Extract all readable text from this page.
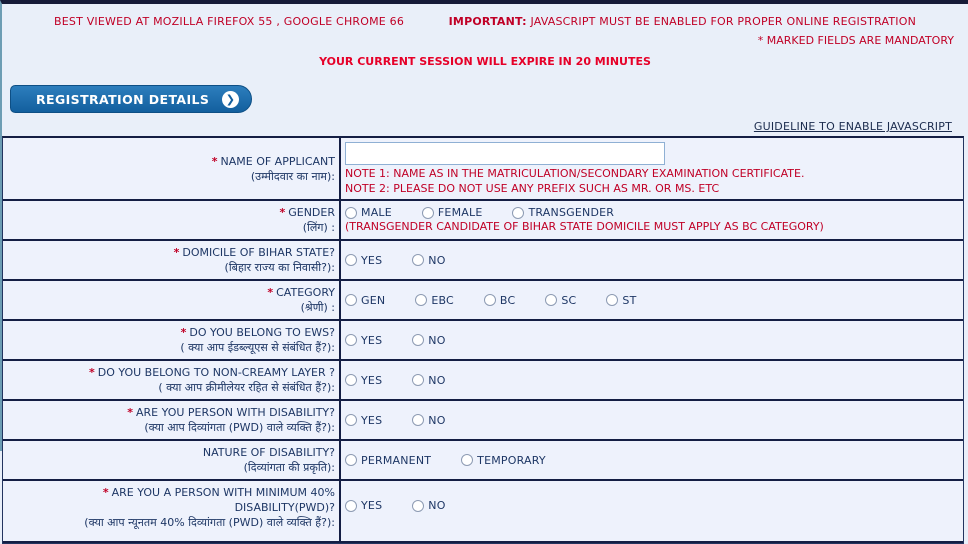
BEST VIEWED AT MOZILLA FIREFOX 55 , GOOGLE CHROME 66	IMPORTANT: JAVASCRIPT MUST BE ENABLED FOR PROPER ONLINE REGISTRATION
* MARKED FIELDS ARE MANDATORY
YOUR CURRENT SESSION WILL EXPIRE IN 20 MINUTES
REGISTRATION DETAILS	❯
GUIDELINE TO ENABLE JAVASCRIPT
* NAME OF APPLICANT
(उम्मीदवार का नाम): NOTE 1: NAME AS IN THE MATRICULATION/SECONDARY EXAMINATION CERTIFICATE.
NOTE 2: PLEASE DO NOT USE ANY PREFIX SUCH AS MR. OR MS. ETC
* GENDER
(लिंग) :
MALE	FEMALE	TRANSGENDER
(TRANSGENDER CANDIDATE OF BIHAR STATE DOMICILE MUST APPLY AS BC CATEGORY)
* DOMICILE OF BIHAR STATE?
(बिहार राज्य का निवासी?):
YES	NO
* CATEGORY
(श्रेणी) :
GEN	EBC	BC	SC	ST
* DO YOU BELONG TO EWS?
( क्या आप ईडब्ल्यूएस से संबंधित हैं?):
YES	NO
* DO YOU BELONG TO NON-CREAMY LAYER ?
( क्या आप क्रीमीलेयर रहित से संबंधित हैं?):
YES	NO
* ARE YOU PERSON WITH DISABILITY?
(क्या आप दिव्यांगता (PWD) वाले व्यक्ति हैं?):
YES	NO
NATURE OF DISABILITY?
(दिव्यांगता की प्रकृति):
PERMANENT	TEMPORARY
* ARE YOU A PERSON WITH MINIMUM 40% DISABILITY(PWD)?
(क्या आप न्यूनतम 40% दिव्यांगता (PWD) वाले व्यक्ति हैं?):
YES	NO
